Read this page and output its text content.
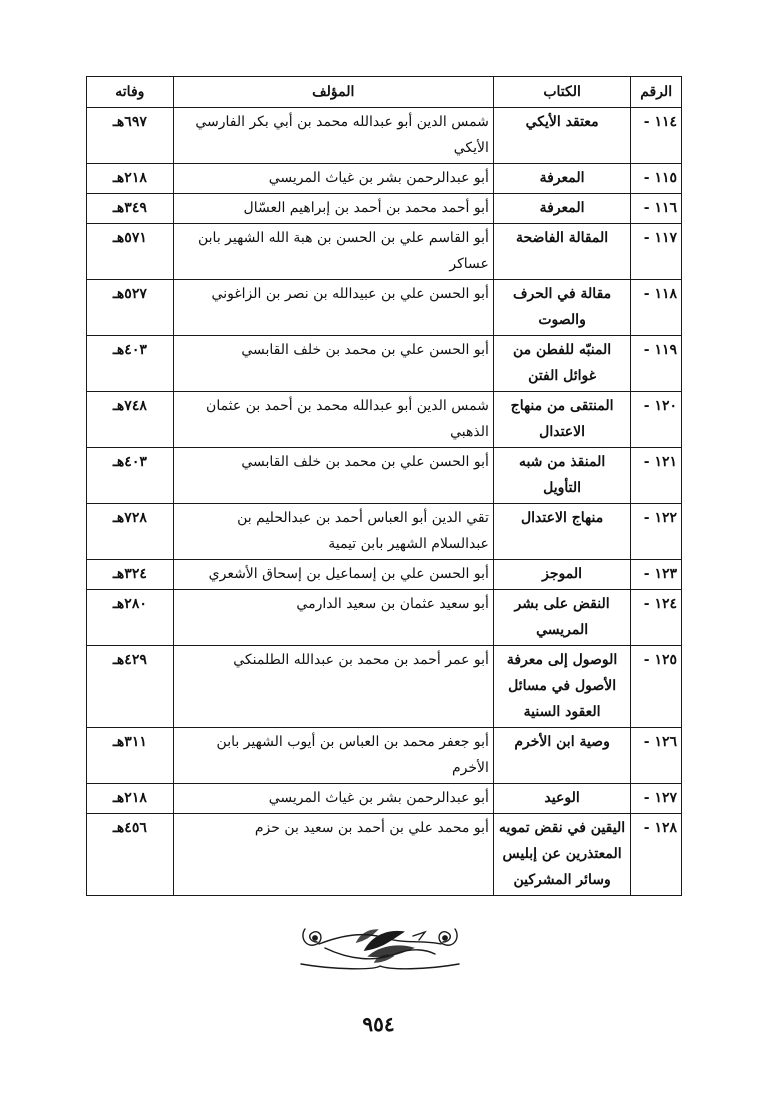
الرقم	الكتاب	المؤلف	وفاته
١١٤ -	معتقد الأيكي	شمس الدين أبو عبدالله محمد بن أبي بكر الفارسي الأيكي	٦٩٧هـ
١١٥ -	المعرفة	أبو عبدالرحمن بشر بن غياث المريسي	٢١٨هـ
١١٦ -	المعرفة	أبو أحمد محمد بن أحمد بن إبراهيم العسّال	٣٤٩هـ
١١٧ -	المقالة الفاضحة	أبو القاسم علي بن الحسن بن هبة الله الشهير بابن عساكر	٥٧١هـ
١١٨ -	مقالة في الحرف والصوت	أبو الحسن علي بن عبيدالله بن نصر بن الزاغوني	٥٢٧هـ
١١٩ -	المنبّه للفطن من غوائل الفتن	أبو الحسن علي بن محمد بن خلف القابسي	٤٠٣هـ
١٢٠ -	المنتقى من منهاج الاعتدال	شمس الدين أبو عبدالله محمد بن أحمد بن عثمان الذهبي	٧٤٨هـ
١٢١ -	المنقذ من شبه التأويل	أبو الحسن علي بن محمد بن خلف القابسي	٤٠٣هـ
١٢٢ -	منهاج الاعتدال	تقي الدين أبو العباس أحمد بن عبدالحليم بن عبدالسلام الشهير بابن تيمية	٧٢٨هـ
١٢٣ -	الموجز	أبو الحسن علي بن إسماعيل بن إسحاق الأشعري	٣٢٤هـ
١٢٤ -	النقض على بشر المريسي	أبو سعيد عثمان بن سعيد الدارمي	٢٨٠هـ
١٢٥ -	الوصول إلى معرفة الأصول في مسائل العقود السنية	أبو عمر أحمد بن محمد بن عبدالله الطلمنكي	٤٢٩هـ
١٢٦ -	وصية ابن الأخرم	أبو جعفر محمد بن العباس بن أيوب الشهير بابن الأخرم	٣١١هـ
١٢٧ -	الوعيد	أبو عبدالرحمن بشر بن غياث المريسي	٢١٨هـ
١٢٨ -	اليقين في نقض تمويه المعتذرين عن إبليس وسائر المشركين	أبو محمد علي بن أحمد بن سعيد بن حزم	٤٥٦هـ
٩٥٤
